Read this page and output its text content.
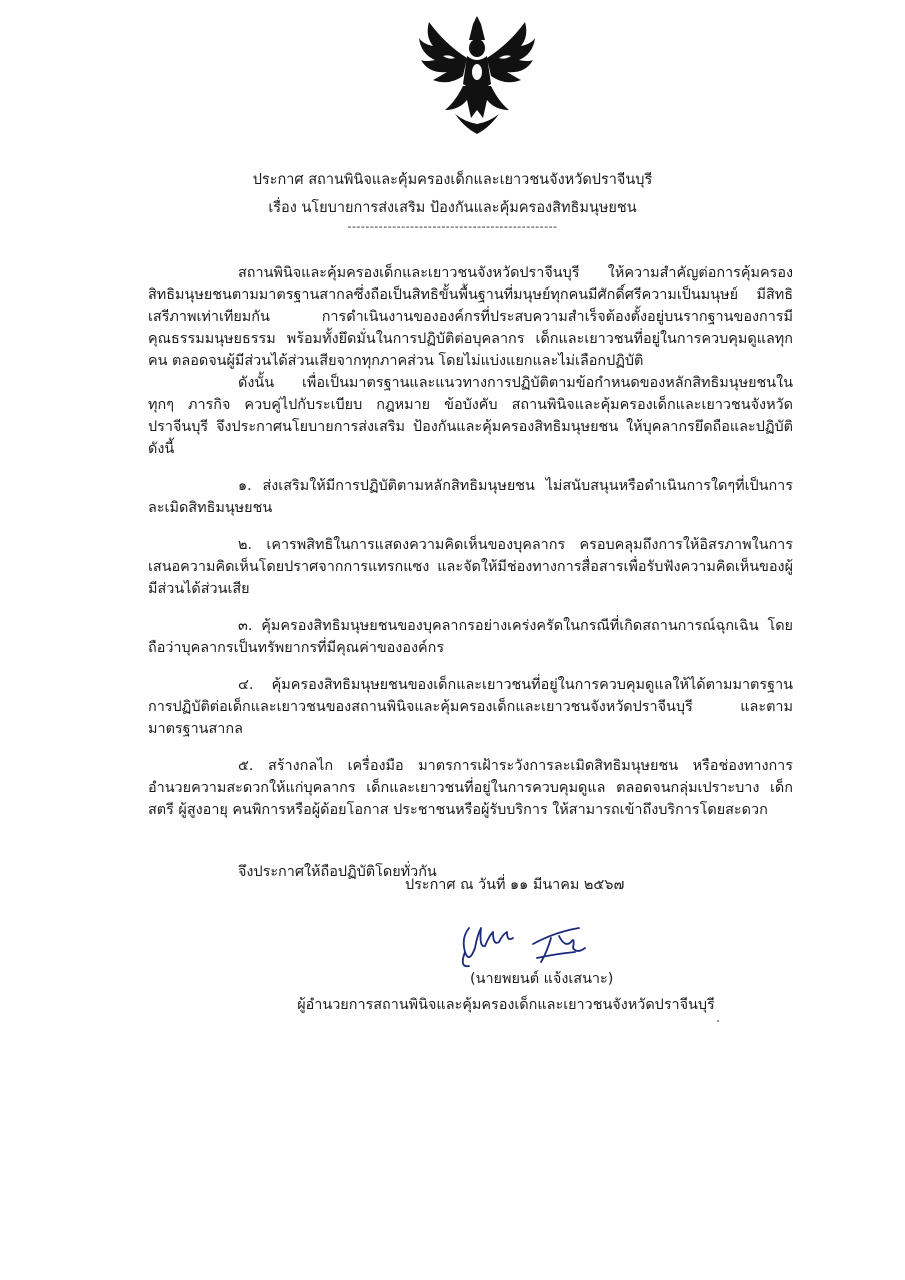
ประกาศ สถานพินิจและคุ้มครองเด็กและเยาวชนจังหวัดปราจีนบุรี
เรื่อง นโยบายการส่งเสริม ป้องกันและคุ้มครองสิทธิมนุษยชน
-----------------------------------------------

สถานพินิจและคุ้มครองเด็กและเยาวชนจังหวัดปราจีนบุรี ให้ความสำคัญต่อการคุ้มครองสิทธิมนุษยชนตามมาตรฐานสากลซึ่งถือเป็นสิทธิขั้นพื้นฐานที่มนุษย์ทุกคนมีศักดิ์ศรีความเป็นมนุษย์ มีสิทธิเสรีภาพเท่าเทียมกัน การดำเนินงานขององค์กรที่ประสบความสำเร็จต้องตั้งอยู่บนรากฐานของการมีคุณธรรมมนุษยธรรม พร้อมทั้งยึดมั่นในการปฏิบัติต่อบุคลากร เด็กและเยาวชนที่อยู่ในการควบคุมดูแลทุกคน ตลอดจนผู้มีส่วนได้ส่วนเสียจากทุกภาคส่วน โดยไม่แบ่งแยกและไม่เลือกปฏิบัติ

ดังนั้น เพื่อเป็นมาตรฐานและแนวทางการปฏิบัติตามข้อกำหนดของหลักสิทธิมนุษยชนในทุกๆ ภารกิจ ควบคู่ไปกับระเบียบ กฎหมาย ข้อบังคับ สถานพินิจและคุ้มครองเด็กและเยาวชนจังหวัดปราจีนบุรี จึงประกาศนโยบายการส่งเสริม ป้องกันและคุ้มครองสิทธิมนุษยชน ให้บุคลากรยึดถือและปฏิบัติ ดังนี้

๑. ส่งเสริมให้มีการปฏิบัติตามหลักสิทธิมนุษยชน ไม่สนับสนุนหรือดำเนินการใดๆที่เป็นการละเมิดสิทธิมนุษยชน

๒. เคารพสิทธิในการแสดงความคิดเห็นของบุคลากร ครอบคลุมถึงการให้อิสรภาพในการเสนอความคิดเห็นโดยปราศจากการแทรกแซง และจัดให้มีช่องทางการสื่อสารเพื่อรับฟังความคิดเห็นของผู้มีส่วนได้ส่วนเสีย

๓. คุ้มครองสิทธิมนุษยชนของบุคลากรอย่างเคร่งครัดในกรณีที่เกิดสถานการณ์ฉุกเฉิน โดยถือว่าบุคลากรเป็นทรัพยากรที่มีคุณค่าขององค์กร

๔. คุ้มครองสิทธิมนุษยชนของเด็กและเยาวชนที่อยู่ในการควบคุมดูแลให้ได้ตามมาตรฐานการปฏิบัติต่อเด็กและเยาวชนของสถานพินิจและคุ้มครองเด็กและเยาวชนจังหวัดปราจีนบุรี และตามมาตรฐานสากล

๕. สร้างกลไก เครื่องมือ มาตรการเฝ้าระวังการละเมิดสิทธิมนุษยชน หรือช่องทางการอำนวยความสะดวกให้แก่บุคลากร เด็กและเยาวชนที่อยู่ในการควบคุมดูแล ตลอดจนกลุ่มเปราะบาง เด็ก สตรี ผู้สูงอายุ คนพิการหรือผู้ด้อยโอกาส ประชาชนหรือผู้รับบริการ ให้สามารถเข้าถึงบริการโดยสะดวก

จึงประกาศให้ถือปฏิบัติโดยทั่วกัน

ประกาศ ณ วันที่ ๑๑ มีนาคม ๒๕๖๗
(นายพยนต์ แจ้งเสนาะ)
ผู้อำนวยการสถานพินิจและคุ้มครองเด็กและเยาวชนจังหวัดปราจีนบุรี
